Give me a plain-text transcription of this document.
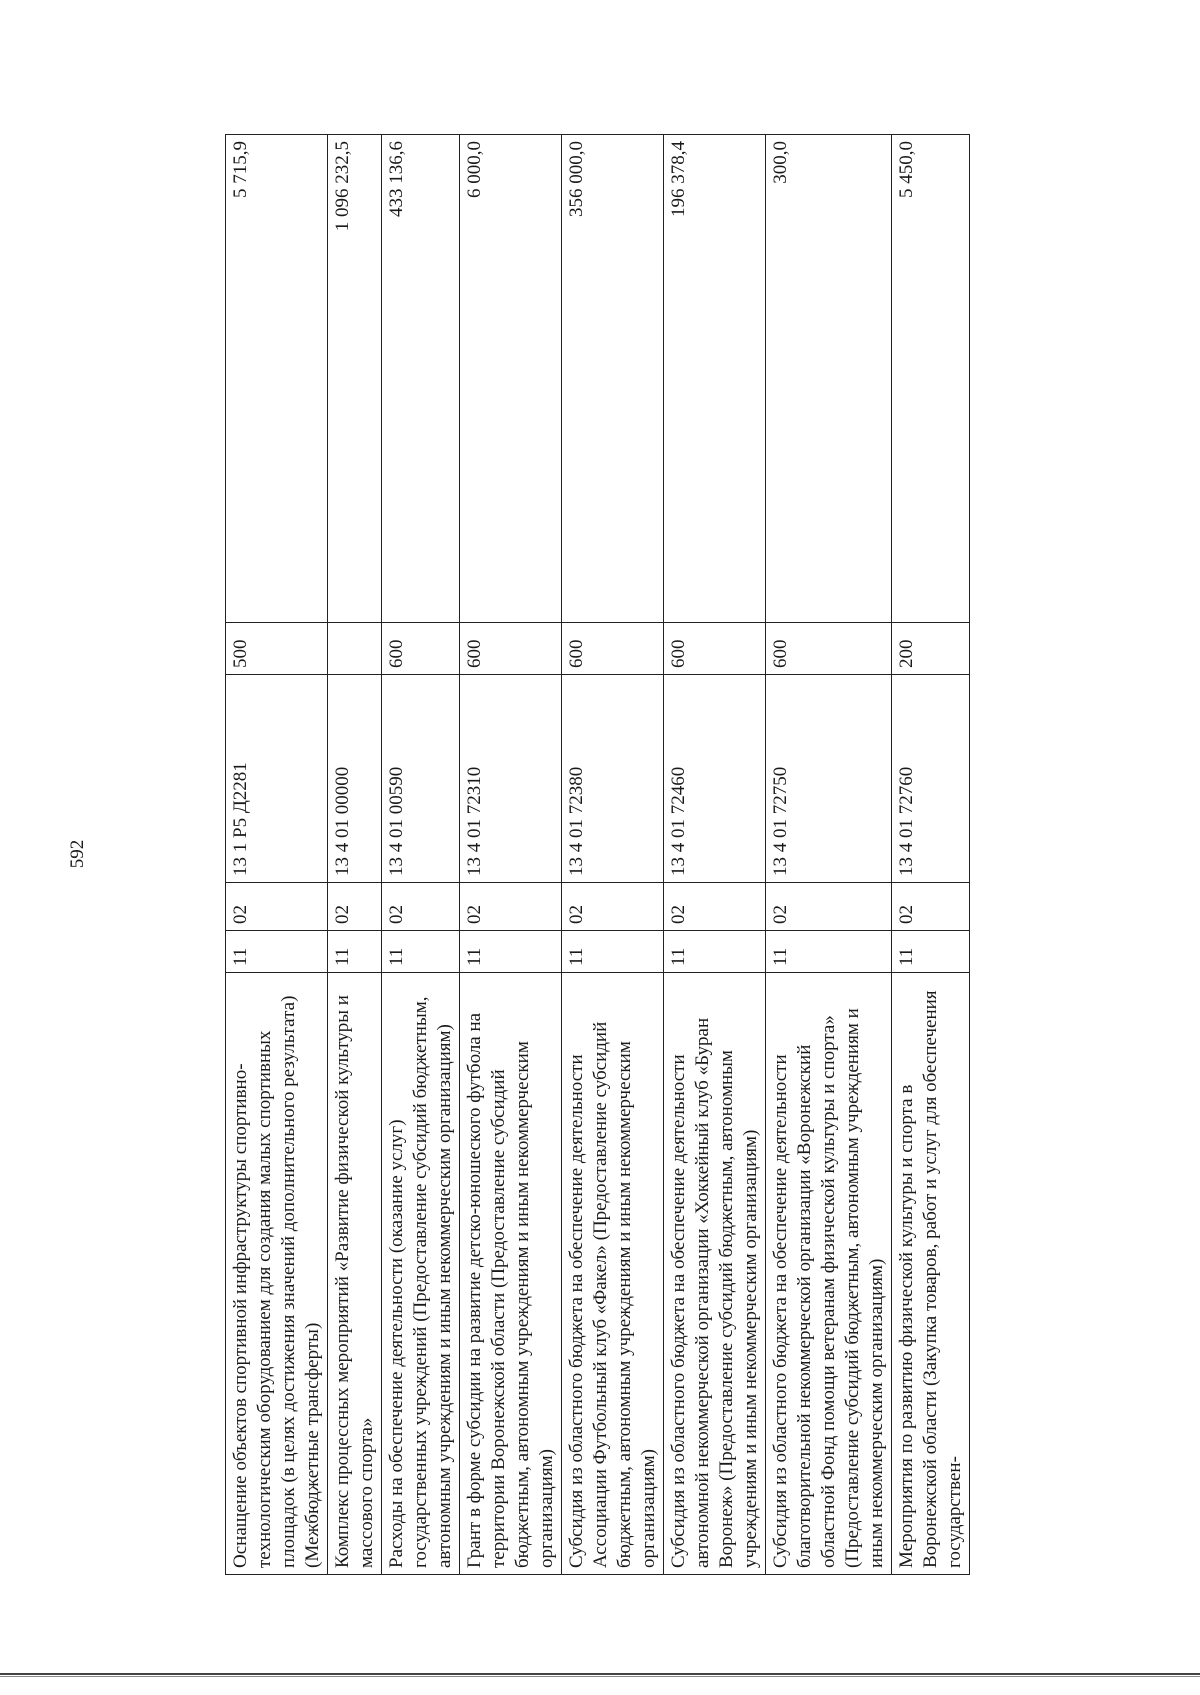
592
Оснащение объектов спортивной инфраструктуры спортивно-технологическим оборудованием для создания малых спортивных площадок (в целях достижения значений дополнительного результата) (Межбюджетные трансферты)	11	02	13 1 Р5 Д2281	500	5 715,9
Комплекс процессных мероприятий «Развитие физической культуры и массового спорта»	11	02	13 4 01 00000		1 096 232,5
Расходы на обеспечение деятельности (оказание услуг) государственных учреждений (Предоставление субсидий бюджетным, автономным учреждениям и иным некоммерческим организациям)	11	02	13 4 01 00590	600	433 136,6
Грант в форме субсидии на развитие детско-юношеского футбола на территории Воронежской области (Предоставление субсидий бюджетным, автономным учреждениям и иным некоммерческим организациям)	11	02	13 4 01 72310	600	6 000,0
Субсидия из областного бюджета на обеспечение деятельности Ассоциации Футбольный клуб «Факел» (Предоставление субсидий бюджетным, автономным учреждениям и иным некоммерческим организациям)	11	02	13 4 01 72380	600	356 000,0
Субсидия из областного бюджета на обеспечение деятельности автономной некоммерческой организации «Хоккейный клуб «Буран Воронеж» (Предоставление субсидий бюджетным, автономным учреждениям и иным некоммерческим организациям)	11	02	13 4 01 72460	600	196 378,4
Субсидия из областного бюджета на обеспечение деятельности благотворительной некоммерческой организации «Воронежский областной Фонд помощи ветеранам физической культуры и спорта» (Предоставление субсидий бюджетным, автономным учреждениям и иным некоммерческим организациям)	11	02	13 4 01 72750	600	300,0
Мероприятия по развитию физической культуры и спорта в Воронежской области (Закупка товаров, работ и услуг для обеспечения государствен-	11	02	13 4 01 72760	200	5 450,0
